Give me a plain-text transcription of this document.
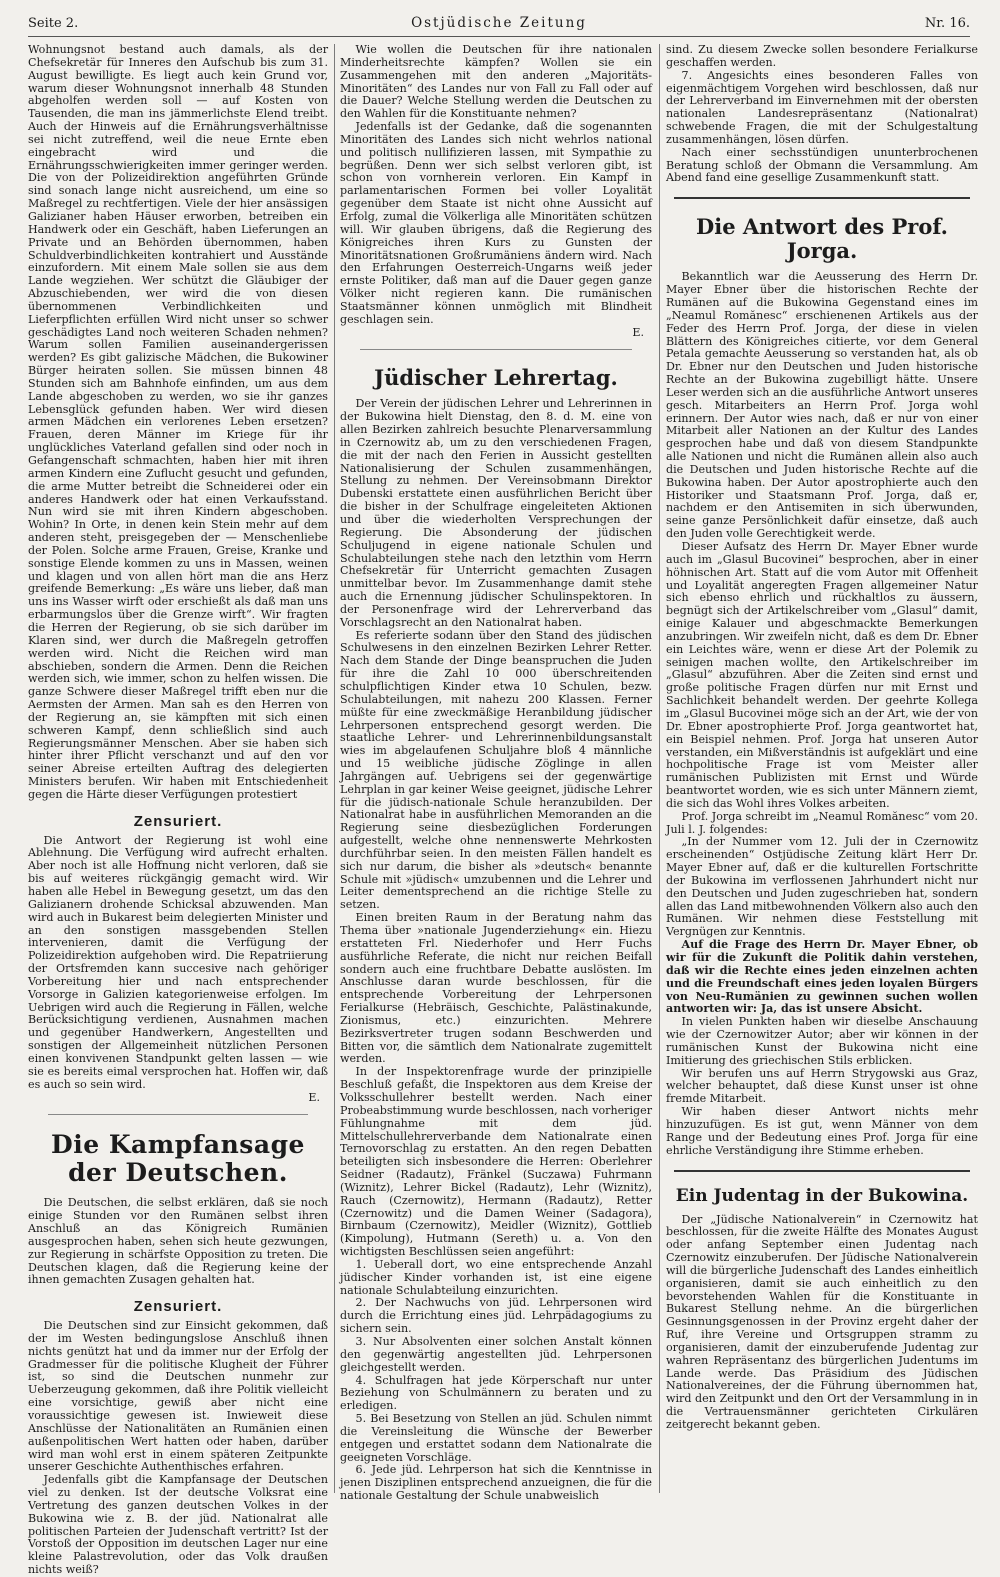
Seite 2.	Ostjüdische Zeitung	Nr. 16.

Wohnungsnot bestand auch damals, als der Chefsekretär für Inneres den Aufschub bis zum 31. August bewilligte. Es liegt auch kein Grund vor, warum dieser Wohnungsnot innerhalb 48 Stunden abgeholfen werden soll — auf Kosten von Tausenden, die man ins jämmerlichste Elend treibt. Auch der Hinweis auf die Ernährungsverhältnisse sei nicht zutreffend, weil die neue Ernte eben eingebracht wird und die Ernährungsschwierigkeiten immer geringer werden. Die von der Polizeidirektion angeführten Gründe sind sonach lange nicht ausreichend, um eine so Maßregel zu rechtfertigen. Viele der hier ansässigen Galizianer haben Häuser erworben, betreiben ein Handwerk oder ein Geschäft, haben Lieferungen an Private und an Behörden übernommen, haben Schuldverbindlichkeiten kontrahiert und Ausstände einzufordern. Mit einem Male sollen sie aus dem Lande wegziehen. Wer schützt die Gläubiger der Abzuschiebenden, wer wird die von diesen übernommenen Verbindlichkeiten und Lieferpflichten erfüllen Wird nicht unser so schwer geschädigtes Land noch weiteren Schaden nehmen? Warum sollen Familien auseinandergerissen werden? Es gibt galizische Mädchen, die Bukowiner Bürger heiraten sollen. Sie müssen binnen 48 Stunden sich am Bahnhofe einfinden, um aus dem Lande abgeschoben zu werden, wo sie ihr ganzes Lebensglück gefunden haben. Wer wird diesen armen Mädchen ein verlorenes Leben ersetzen? Frauen, deren Männer im Kriege für ihr unglückliches Vaterland gefallen sind oder noch in Gefangenschaft schmachten, haben hier mit ihren armen Kindern eine Zuflucht gesucht und gefunden, die arme Mutter betreibt die Schneiderei oder ein anderes Handwerk oder hat einen Verkaufsstand. Nun wird sie mit ihren Kindern abgeschoben. Wohin? In Orte, in denen kein Stein mehr auf dem anderen steht, preisgegeben der — Menschenliebe der Polen. Solche arme Frauen, Greise, Kranke und sonstige Elende kommen zu uns in Massen, weinen und klagen und von allen hört man die ans Herz greifende Bemerkung: „Es wäre uns lieber, daß man uns ins Wasser wirft oder erschießt als daß man uns erbarmungslos über die Grenze wirft“. Wir fragten die Herren der Regierung, ob sie sich darüber im Klaren sind, wer durch die Maßregeln getroffen werden wird. Nicht die Reichen wird man abschieben, sondern die Armen. Denn die Reichen werden sich, wie immer, schon zu helfen wissen. Die ganze Schwere dieser Maßregel trifft eben nur die Aermsten der Armen. Man sah es den Herren von der Regierung an, sie kämpften mit sich einen schweren Kampf, denn schließlich sind auch Regierungsmänner Menschen. Aber sie haben sich hinter ihrer Pflicht verschanzt und auf den vor seiner Abreise erteilten Auftrag des delegierten Ministers berufen. Wir haben mit Entschiedenheit gegen die Härte dieser Verfügungen protestiert

Zensuriert.

Die Antwort der Regierung ist wohl eine Ablehnung. Die Verfügung wird aufrecht erhalten. Aber noch ist alle Hoffnung nicht verloren, daß sie bis auf weiteres rückgängig gemacht wird. Wir haben alle Hebel in Bewegung gesetzt, um das den Galizianern drohende Schicksal abzuwenden. Man wird auch in Bukarest beim delegierten Minister und an den sonstigen massgebenden Stellen intervenieren, damit die Verfügung der Polizeidirektion aufgehoben wird. Die Repatriierung der Ortsfremden kann succesive nach gehöriger Vorbereitung hier und nach entsprechender Vorsorge in Galizien kategorienweise erfolgen. Im Uebrigen wird auch die Regierung in Fällen, welche Berücksichtigung verdienen, Ausnahmen machen und gegenüber Handwerkern, Angestellten und sonstigen der Allgemeinheit nützlichen Personen einen konvivenen Standpunkt gelten lassen — wie sie es bereits eimal versprochen hat. Hoffen wir, daß es auch so sein wird.

E.
Die Kampfansage der Deutschen.

Die Deutschen, die selbst erklären, daß sie noch einige Stunden vor den Rumänen selbst ihren Anschluß an das Königreich Rumänien ausgesprochen haben, sehen sich heute gezwungen, zur Regierung in schärfste Opposition zu treten. Die Deutschen klagen, daß die Regierung keine der ihnen gemachten Zusagen gehalten hat.

Zensuriert.

Die Deutschen sind zur Einsicht gekommen, daß der im Westen bedingungslose Anschluß ihnen nichts genützt hat und da immer nur der Erfolg der Gradmesser für die politische Klugheit der Führer ist, so sind die Deutschen nunmehr zur Ueberzeugung gekommen, daß ihre Politik vielleicht eine vorsichtige, gewiß aber nicht eine voraussichtige gewesen ist. Inwieweit diese Anschlüsse der Nationalitäten an Rumänien einen außenpolitischen Wert hatten oder haben, darüber wird man wohl erst in einem späteren Zeitpunkte unserer Geschichte Authenthisches erfahren.

Jedenfalls gibt die Kampfansage der Deutschen viel zu denken. Ist der deutsche Volksrat eine Vertretung des ganzen deutschen Volkes in der Bukowina wie z. B. der jüd. Nationalrat alle politischen Parteien der Judenschaft vertritt? Ist der Vorstoß der Opposition im deutschen Lager nur eine kleine Palastrevolution, oder das Volk draußen nichts weiß?

Wie wollen die Deutschen für ihre nationalen Minderheitsrechte kämpfen? Wollen sie ein Zusammengehen mit den anderen „Majoritäts-Minoritäten“ des Landes nur von Fall zu Fall oder auf die Dauer? Welche Stellung werden die Deutschen zu den Wahlen für die Konstituante nehmen?

Jedenfalls ist der Gedanke, daß die sogenannten Minoritäten des Landes sich nicht wehrlos national und politisch nullifizieren lassen, mit Sympathie zu begrüßen. Denn wer sich selbst verloren gibt, ist schon von vornherein verloren. Ein Kampf in parlamentarischen Formen bei voller Loyalität gegenüber dem Staate ist nicht ohne Aussicht auf Erfolg, zumal die Völkerliga alle Minoritäten schützen will. Wir glauben übrigens, daß die Regierung des Königreiches ihren Kurs zu Gunsten der Minoritätsnationen Großrumäniens ändern wird. Nach den Erfahrungen Oesterreich-Ungarns weiß jeder ernste Politiker, daß man auf die Dauer gegen ganze Völker nicht regieren kann. Die rumänischen Staatsmänner können unmöglich mit Blindheit geschlagen sein.

E.
Jüdischer Lehrertag.

Der Verein der jüdischen Lehrer und Lehrerinnen in der Bukowina hielt Dienstag, den 8. d. M. eine von allen Bezirken zahlreich besuchte Plenarversammlung in Czernowitz ab, um zu den verschiedenen Fragen, die mit der nach den Ferien in Aussicht gestellten Nationalisierung der Schulen zusammenhängen, Stellung zu nehmen. Der Vereinsobmann Direktor Dubenski erstattete einen ausführlichen Bericht über die bisher in der Schulfrage eingeleiteten Aktionen und über die wiederholten Versprechungen der Regierung. Die Absonderung der jüdischen Schuljugend in eigene nationale Schulen und Schulabteilungen stehe nach den letzthin vom Herrn Chefsekretär für Unterricht gemachten Zusagen unmittelbar bevor. Im Zusammenhange damit stehe auch die Ernennung jüdischer Schulinspektoren. In der Personenfrage wird der Lehrerverband das Vorschlagsrecht an den Nationalrat haben.

Es referierte sodann über den Stand des jüdischen Schulwesens in den einzelnen Bezirken Lehrer Retter. Nach dem Stande der Dinge beanspruchen die Juden für ihre die Zahl 10 000 überschreitenden schulpflichtigen Kinder etwa 10 Schulen, bezw. Schulabteilungen, mit nahezu 200 Klassen. Ferner müßte für eine zweckmäßige Heranbildung jüdischer Lehrpersonen entsprechend gesorgt werden. Die staatliche Lehrer- und Lehrerinnenbildungsanstalt wies im abgelaufenen Schuljahre bloß 4 männliche und 15 weibliche jüdische Zöglinge in allen Jahrgängen auf. Uebrigens sei der gegenwärtige Lehrplan in gar keiner Weise geeignet, jüdische Lehrer für die jüdisch-nationale Schule heranzubilden. Der Nationalrat habe in ausführlichen Memoranden an die Regierung seine diesbezüglichen Forderungen aufgestellt, welche ohne nennenswerte Mehrkosten durchführbar seien. In den meisten Fällen handelt es sich nur darum, die bisher als »deutsch« benannte Schule mit »jüdisch« umzubennen und die Lehrer und Leiter dementsprechend an die richtige Stelle zu setzen.

Einen breiten Raum in der Beratung nahm das Thema über »nationale Jugenderziehung« ein. Hiezu erstatteten Frl. Niederhofer und Herr Fuchs ausführliche Referate, die nicht nur reichen Beifall sondern auch eine fruchtbare Debatte auslösten. Im Anschlusse daran wurde beschlossen, für die entsprechende Vorbereitung der Lehrpersonen Ferialkurse (Hebräisch, Geschichte, Palästinakunde, Zionismus, etc.) einzurichten. Mehrere Bezirksvertreter trugen sodann Beschwerden und Bitten vor, die sämtlich dem Nationalrate zugemittelt werden.

In der Inspektorenfrage wurde der prinzipielle Beschluß gefaßt, die Inspektoren aus dem Kreise der Volksschullehrer bestellt werden. Nach einer Probeabstimmung wurde beschlossen, nach vorheriger Fühlungnahme mit dem jüd. Mittelschullehrerverbande dem Nationalrate einen Ternovorschlag zu erstatten. An den regen Debatten beteiligten sich insbesondere die Herren: Oberlehrer Seidner (Radautz), Fränkel (Suczawa) Fuhrmann (Wiznitz), Lehrer Bickel (Radautz), Lehr (Wiznitz), Rauch (Czernowitz), Hermann (Radautz), Retter (Czernowitz) und die Damen Weiner (Sadagora), Birnbaum (Czernowitz), Meidler (Wiznitz), Gottlieb (Kimpolung), Hutmann (Sereth) u. a. Von den wichtigsten Beschlüssen seien angeführt:

1. Ueberall dort, wo eine entsprechende Anzahl jüdischer Kinder vorhanden ist, ist eine eigene nationale Schulabteilung einzurichten.

2. Der Nachwuchs von jüd. Lehrpersonen wird durch die Errichtung eines jüd. Lehrpädagogiums zu sichern sein.

3. Nur Absolventen einer solchen Anstalt können den gegenwärtig angestellten jüd. Lehrpersonen gleichgestellt werden.

4. Schulfragen hat jede Körperschaft nur unter Beziehung von Schulmännern zu beraten und zu erledigen.

5. Bei Besetzung von Stellen an jüd. Schulen nimmt die Vereinsleitung die Wünsche der Bewerber entgegen und erstattet sodann dem Nationalrate die geeigneten Vorschläge.

6. Jede jüd. Lehrperson hat sich die Kenntnisse in jenen Disziplinen entsprechend anzueignen, die für die nationale Gestaltung der Schule unabweislich

sind. Zu diesem Zwecke sollen besondere Ferialkurse geschaffen werden.

7. Angesichts eines besonderen Falles von eigenmächtigem Vorgehen wird beschlossen, daß nur der Lehrerverband im Einvernehmen mit der obersten nationalen Landesrepräsentanz (Nationalrat) schwebende Fragen, die mit der Schulgestaltung zusammenhängen, lösen dürfen.

Nach einer sechsstündigen ununterbrochenen Beratung schloß der Obmann die Versammlung. Am Abend fand eine gesellige Zusammenkunft statt.

Die Antwort des Prof. Jorga.

Bekanntlich war die Aeusserung des Herrn Dr. Mayer Ebner über die historischen Rechte der Rumänen auf die Bukowina Gegenstand eines im „Neamul Romănesc“ erschienenen Artikels aus der Feder des Herrn Prof. Jorga, der diese in vielen Blättern des Königreiches citierte, vor dem General Petala gemachte Aeusserung so verstanden hat, als ob Dr. Ebner nur den Deutschen und Juden historische Rechte an der Bukowina zugebilligt hätte. Unsere Leser werden sich an die ausführliche Antwort unseres gesch. Mitarbeiters an Herrn Prof. Jorga wohl erinnern. Der Autor wies nach, daß er nur von einer Mitarbeit aller Nationen an der Kultur des Landes gesprochen habe und daß von diesem Standpunkte alle Nationen und nicht die Rumänen allein also auch die Deutschen und Juden historische Rechte auf die Bukowina haben. Der Autor apostrophierte auch den Historiker und Staatsmann Prof. Jorga, daß er, nachdem er den Antisemiten in sich überwunden, seine ganze Persönlichkeit dafür einsetze, daß auch den Juden volle Gerechtigkeit werde.

Dieser Aufsatz des Herrn Dr. Mayer Ebner wurde auch im „Glasul Bucovinei“ besprochen, aber in einer höhnischen Art. Statt auf die vom Autor mit Offenheit und Loyalität angeregten Fragen allgemeiner Natur sich ebenso ehrlich und rückhaltlos zu äussern, begnügt sich der Artikelschreiber vom „Glasul“ damit, einige Kalauer und abgeschmackte Bemerkungen anzubringen. Wir zweifeln nicht, daß es dem Dr. Ebner ein Leichtes wäre, wenn er diese Art der Polemik zu seinigen machen wollte, den Artikelschreiber im „Glasul“ abzuführen. Aber die Zeiten sind ernst und große politische Fragen dürfen nur mit Ernst und Sachlichkeit behandelt werden. Der geehrte Kollega im „Glasul Bucovinei möge sich an der Art, wie der von Dr. Ebner apostrophierte Prof. Jorga geantwortet hat, ein Beispiel nehmen. Prof. Jorga hat unseren Autor verstanden, ein Mißverständnis ist aufgeklärt und eine hochpolitische Frage ist vom Meister aller rumänischen Publizisten mit Ernst und Würde beantwortet worden, wie es sich unter Männern ziemt, die sich das Wohl ihres Volkes arbeiten.

Prof. Jorga schreibt im „Neamul Romănesc“ vom 20. Juli l. J. folgendes:

„In der Nummer vom 12. Juli der in Czernowitz erscheinenden“ Ostjüdische Zeitung klärt Herr Dr. Mayer Ebner auf, daß er die kulturellen Fortschritte der Bukowina im verflossenen Jahrhundert nicht nur den Deutschen und Juden zugeschrieben hat, sondern allen das Land mitbewohnenden Völkern also auch den Rumänen. Wir nehmen diese Feststellung mit Vergnügen zur Kenntnis.

Auf die Frage des Herrn Dr. Mayer Ebner, ob wir für die Zukunft die Politik dahin verstehen, daß wir die Rechte eines jeden einzelnen achten und die Freundschaft eines jeden loyalen Bürgers von Neu-Rumänien zu gewinnen suchen wollen antworten wir: Ja, das ist unsere Absicht.

In vielen Punkten haben wir dieselbe Anschauung wie der Czernowitzer Autor; aber wir können in der rumänischen Kunst der Bukowina nicht eine Imitierung des griechischen Stils erblicken.

Wir berufen uns auf Herrn Strygowski aus Graz, welcher behauptet, daß diese Kunst unser ist ohne fremde Mitarbeit.

Wir haben dieser Antwort nichts mehr hinzuzufügen. Es ist gut, wenn Männer von dem Range und der Bedeutung eines Prof. Jorga für eine ehrliche Verständigung ihre Stimme erheben.

Ein Judentag in der Bukowina.

Der „Jüdische Nationalverein“ in Czernowitz hat beschlossen, für die zweite Hälfte des Monates August oder anfang September einen Judentag nach Czernowitz einzuberufen. Der Jüdische Nationalverein will die bürgerliche Judenschaft des Landes einheitlich organisieren, damit sie auch einheitlich zu den bevorstehenden Wahlen für die Konstituante in Bukarest Stellung nehme. An die bürgerlichen Gesinnungsgenossen in der Provinz ergeht daher der Ruf, ihre Vereine und Ortsgruppen stramm zu organisieren, damit der einzuberufende Judentag zur wahren Repräsentanz des bürgerlichen Judentums im Lande werde. Das Präsidium des Jüdischen Nationalvereines, der die Führung übernommen hat, wird den Zeitpunkt und den Ort der Versammlung in in die Vertrauensmänner gerichteten Cirkulären zeitgerecht bekannt geben.
